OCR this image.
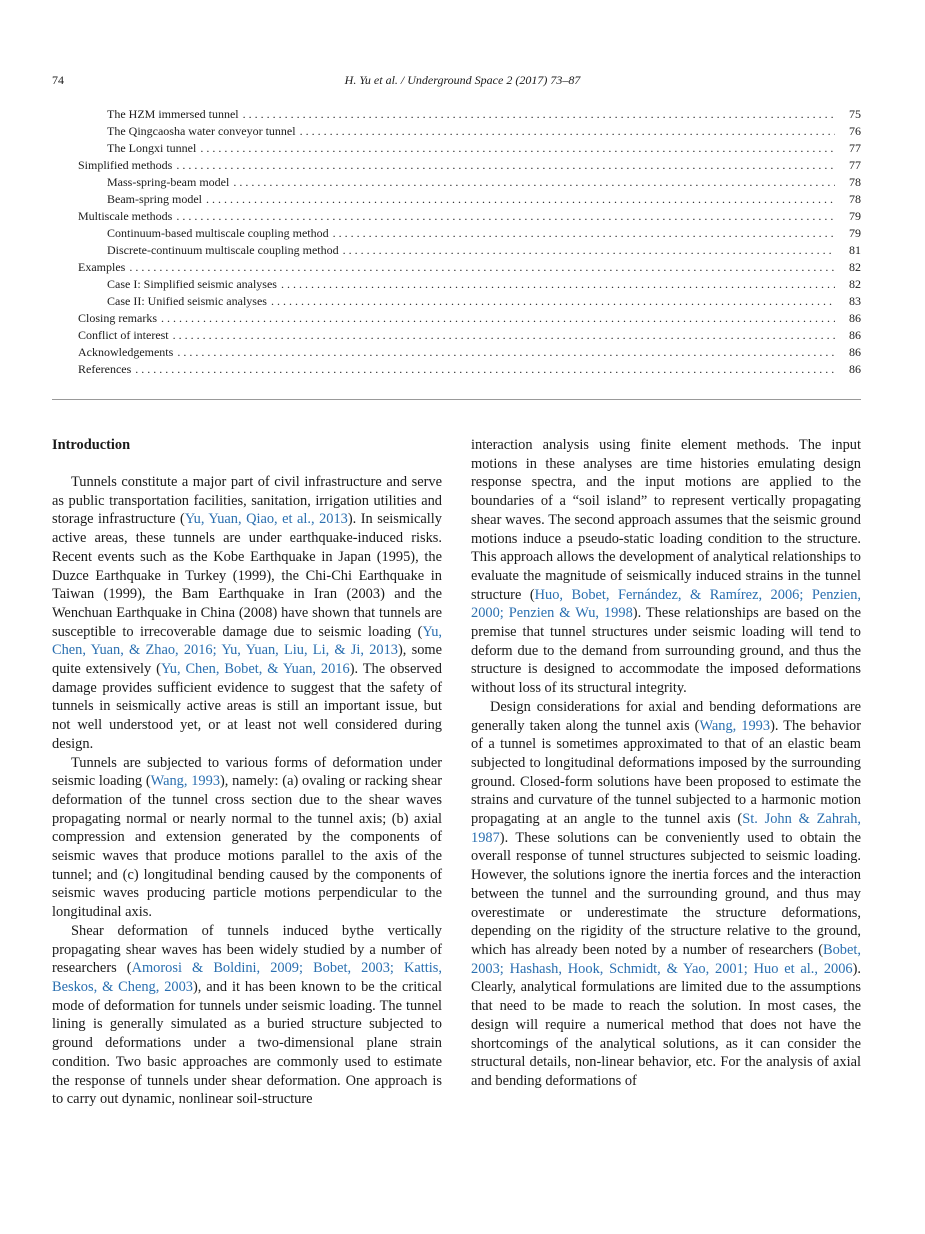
74	H. Yu et al. / Underground Space 2 (2017) 73–87
The HZM immersed tunnel . . .	75
The Qingcaosha water conveyor tunnel . . .	76
The Longxi tunnel . . .	77
Simplified methods . . .	77
Mass-spring-beam model . . .	78
Beam-spring model . . .	78
Multiscale methods . . .	79
Continuum-based multiscale coupling method . . .	79
Discrete-continuum multiscale coupling method . . .	81
Examples . . .	82
Case I: Simplified seismic analyses . . .	82
Case II: Unified seismic analyses . . .	83
Closing remarks . . .	86
Conflict of interest . . .	86
Acknowledgements . . .	86
References . . .	86
Introduction

Tunnels constitute a major part of civil infrastructure and serve as public transportation facilities, sanitation, irrigation utilities and storage infrastructure (Yu, Yuan, Qiao, et al., 2013). In seismically active areas, these tunnels are under earthquake-induced risks. Recent events such as the Kobe Earthquake in Japan (1995), the Duzce Earthquake in Turkey (1999), the Chi-Chi Earthquake in Taiwan (1999), the Bam Earthquake in Iran (2003) and the Wenchuan Earthquake in China (2008) have shown that tunnels are susceptible to irrecoverable damage due to seismic loading (Yu, Chen, Yuan, & Zhao, 2016; Yu, Yuan, Liu, Li, & Ji, 2013), some quite extensively (Yu, Chen, Bobet, & Yuan, 2016). The observed damage provides sufficient evidence to suggest that the safety of tunnels in seismically active areas is still an important issue, but not well understood yet, or at least not well considered during design.

Tunnels are subjected to various forms of deformation under seismic loading (Wang, 1993), namely: (a) ovaling or racking shear deformation of the tunnel cross section due to the shear waves propagating normal or nearly normal to the tunnel axis; (b) axial compression and extension generated by the components of seismic waves that produce motions parallel to the axis of the tunnel; and (c) longitudinal bending caused by the components of seismic waves producing particle motions perpendicular to the longitudinal axis.

Shear deformation of tunnels induced bythe vertically propagating shear waves has been widely studied by a number of researchers (Amorosi & Boldini, 2009; Bobet, 2003; Kattis, Beskos, & Cheng, 2003), and it has been known to be the critical mode of deformation for tunnels under seismic loading. The tunnel lining is generally simulated as a buried structure subjected to ground deformations under a two-dimensional plane strain condition. Two basic approaches are commonly used to estimate the response of tunnels under shear deformation. One approach is to carry out dynamic, nonlinear soil-structure

interaction analysis using finite element methods. The input motions in these analyses are time histories emulating design response spectra, and the input motions are applied to the boundaries of a “soil island” to represent vertically propagating shear waves. The second approach assumes that the seismic ground motions induce a pseudo-static loading condition to the structure. This approach allows the development of analytical relationships to evaluate the magnitude of seismically induced strains in the tunnel structure (Huo, Bobet, Fernández, & Ramírez, 2006; Penzien, 2000; Penzien & Wu, 1998). These relationships are based on the premise that tunnel structures under seismic loading will tend to deform due to the demand from surrounding ground, and thus the structure is designed to accommodate the imposed deformations without loss of its structural integrity.

Design considerations for axial and bending deformations are generally taken along the tunnel axis (Wang, 1993). The behavior of a tunnel is sometimes approximated to that of an elastic beam subjected to longitudinal deformations imposed by the surrounding ground. Closed-form solutions have been proposed to estimate the strains and curvature of the tunnel subjected to a harmonic motion propagating at an angle to the tunnel axis (St. John & Zahrah, 1987). These solutions can be conveniently used to obtain the overall response of tunnel structures subjected to seismic loading. However, the solutions ignore the inertia forces and the interaction between the tunnel and the surrounding ground, and thus may overestimate or underestimate the structure deformations, depending on the rigidity of the structure relative to the ground, which has already been noted by a number of researchers (Bobet, 2003; Hashash, Hook, Schmidt, & Yao, 2001; Huo et al., 2006). Clearly, analytical formulations are limited due to the assumptions that need to be made to reach the solution. In most cases, the design will require a numerical method that does not have the shortcomings of the analytical solutions, as it can consider the structural details, non-linear behavior, etc. For the analysis of axial and bending deformations of
